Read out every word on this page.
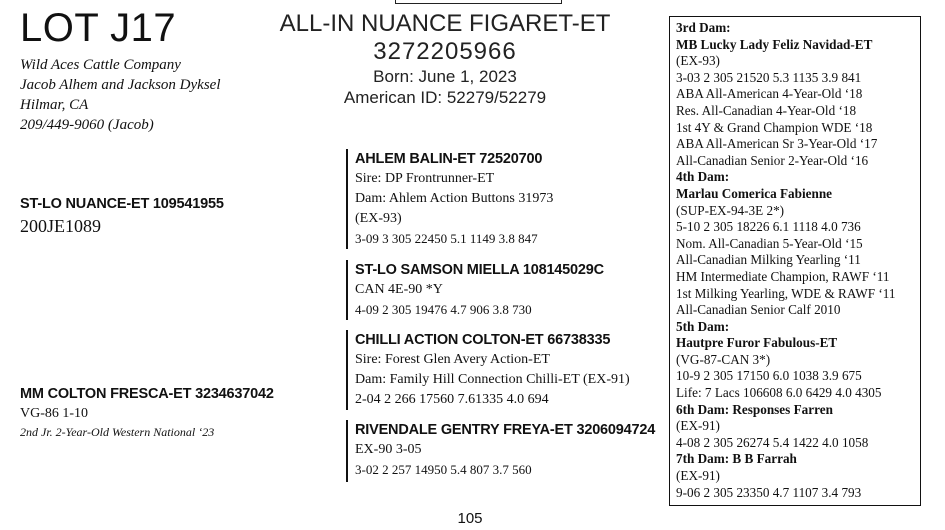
LOT J17
Wild Aces Cattle Company
Jacob Alhem and Jackson Dyksel
Hilmar, CA
209/449-9060 (Jacob)
ALL-IN NUANCE FIGARET-ET
3272205966
Born: June 1, 2023
American ID: 52279/52279
ST-LO NUANCE-ET 109541955
200JE1089
MM COLTON FRESCA-ET 3234637042
VG-86 1-10
2nd Jr. 2-Year-Old Western National ‘23
AHLEM BALIN-ET 72520700
Sire: DP Frontrunner-ET
Dam: Ahlem Action Buttons 31973
(EX-93)
3-09 3 305 22450 5.1 1149 3.8 847
ST-LO SAMSON MIELLA 108145029C
CAN 4E-90 *Y
4-09 2 305 19476 4.7 906 3.8 730
CHILLI ACTION COLTON-ET 66738335
Sire: Forest Glen Avery Action-ET
Dam: Family Hill Connection Chilli-ET (EX-91)
2-04 2 266 17560 7.61335 4.0 694
RIVENDALE GENTRY FREYA-ET 3206094724
EX-90 3-05
3-02 2 257 14950 5.4 807 3.7 560
3rd Dam:
MB Lucky Lady Feliz Navidad-ET
(EX-93)
3-03 2 305 21520 5.3 1135 3.9 841
ABA All-American 4-Year-Old ‘18
Res. All-Canadian 4-Year-Old ‘18
1st 4Y & Grand Champion WDE ‘18
ABA All-American Sr 3-Year-Old ‘17
All-Canadian Senior 2-Year-Old ‘16
4th Dam:
Marlau Comerica Fabienne
(SUP-EX-94-3E 2*)
5-10 2 305 18226 6.1 1118 4.0 736
Nom. All-Canadian 5-Year-Old ‘15
All-Canadian Milking Yearling ‘11
HM Intermediate Champion, RAWF ‘11
1st Milking Yearling, WDE & RAWF ‘11
All-Canadian Senior Calf 2010
5th Dam:
Hautpre Furor Fabulous-ET
(VG-87-CAN 3*)
10-9 2 305 17150 6.0 1038 3.9 675
Life: 7 Lacs 106608 6.0 6429 4.0 4305
6th Dam: Responses Farren
(EX-91)
4-08 2 305 26274 5.4 1422 4.0 1058
7th Dam: B B Farrah
(EX-91)
9-06 2 305 23350 4.7 1107 3.4 793
105
